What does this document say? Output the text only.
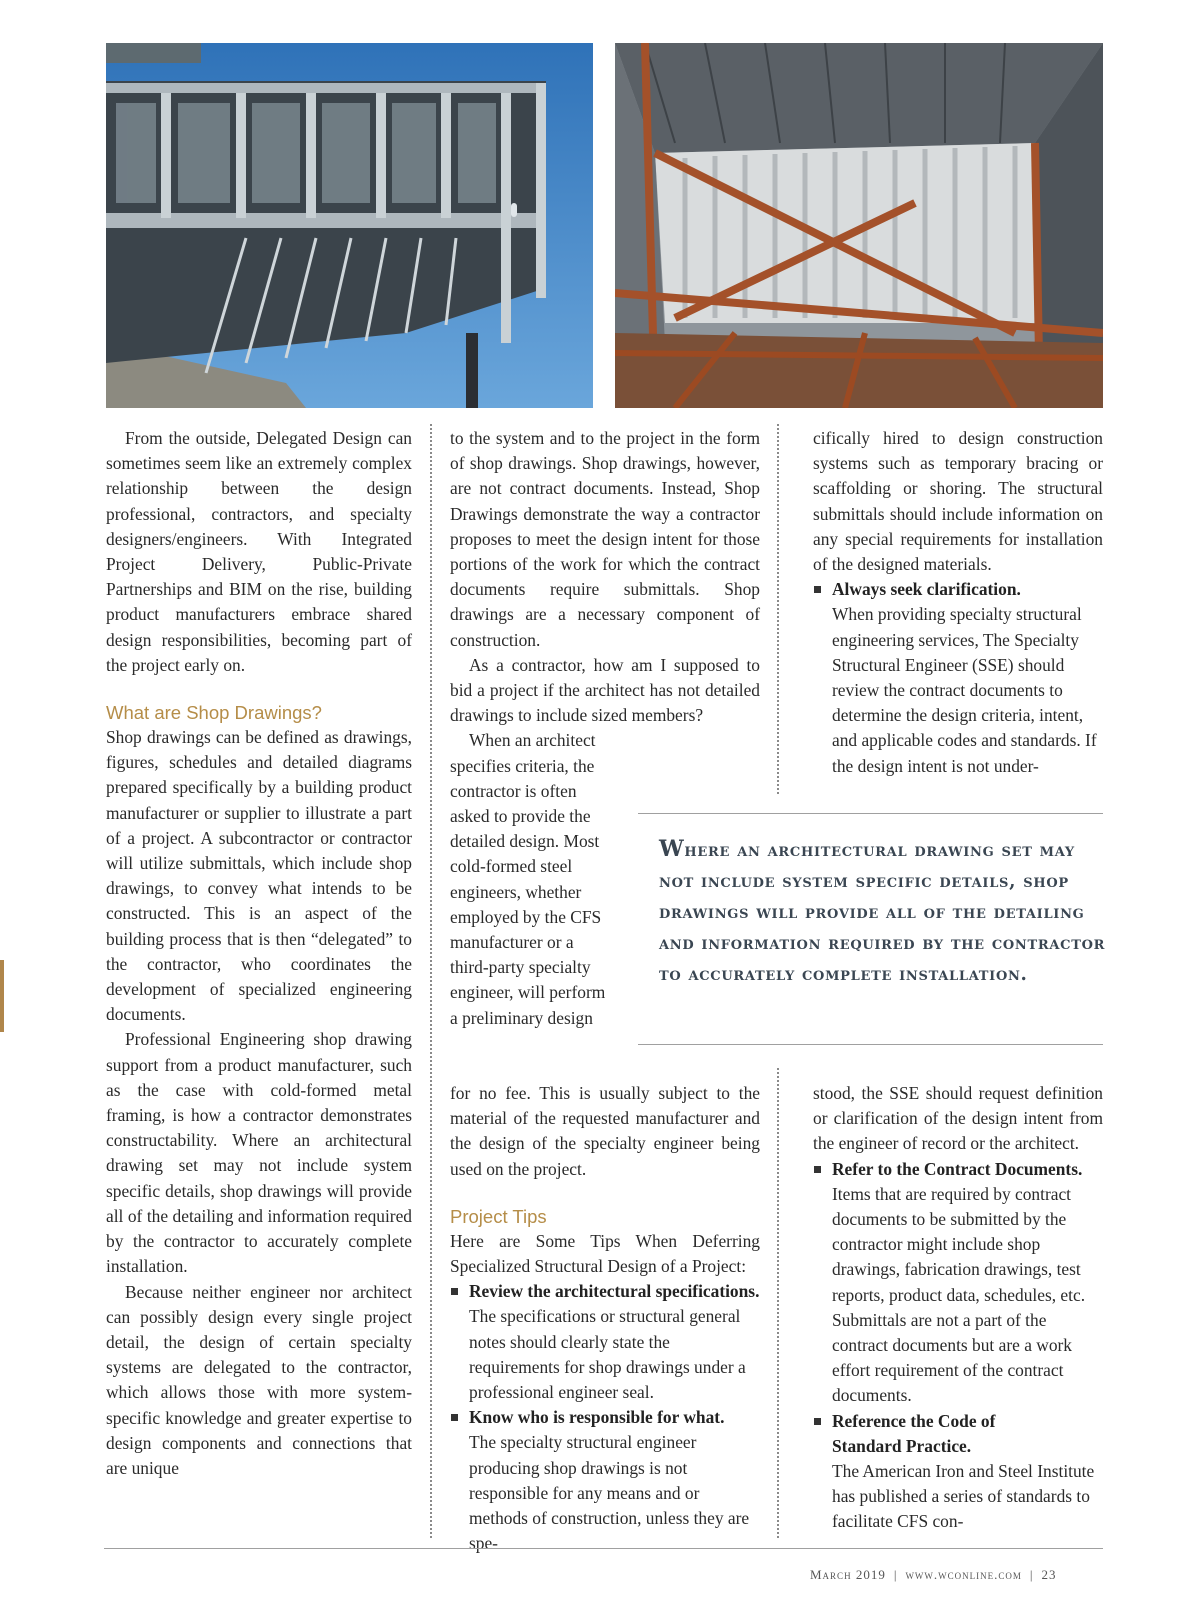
From the outside, Delegated Design can sometimes seem like an extremely complex relationship between the design professional, contractors, and specialty designers/engineers. With Integrated Project Delivery, Public-Private Partnerships and BIM on the rise, building product manufacturers embrace shared design responsibilities, becoming part of the project early on.

What are Shop Drawings?

Shop drawings can be defined as drawings, figures, schedules and detailed diagrams prepared specifically by a building product manufacturer or supplier to illustrate a part of a project. A subcontractor or contractor will utilize submittals, which include shop drawings, to convey what intends to be constructed. This is an aspect of the building process that is then “delegated” to the contractor, who coordinates the development of specialized engineering documents.

Professional Engineering shop drawing support from a product manufacturer, such as the case with cold-formed metal framing, is how a contractor demonstrates constructability. Where an architectural drawing set may not include system specific details, shop drawings will provide all of the detailing and information required by the contractor to accurately complete installation.

Because neither engineer nor architect can possibly design every single project detail, the design of certain specialty systems are delegated to the contractor, which allows those with more system-specific knowledge and greater expertise to design components and connections that are unique

to the system and to the project in the form of shop drawings. Shop drawings, however, are not contract documents. Instead, Shop Drawings demonstrate the way a contractor proposes to meet the design intent for those portions of the work for which the contract documents require submittals. Shop drawings are a necessary component of construction.

As a contractor, how am I supposed to bid a project if the architect has not detailed drawings to include sized members?

When an architect
specifies criteria, the
contractor is often
asked to provide the
detailed design. Most
cold-formed steel
engineers, whether
employed by the CFS
manufacturer or a
third-party specialty
engineer, will perform
a preliminary design

for no fee. This is usually subject to the material of the requested manufacturer and the design of the specialty engineer being used on the project.

Project Tips

Here are Some Tips When Deferring Specialized Structural Design of a Project:

Review the architectural specifications.
The specifications or structural general notes should clearly state the requirements for shop drawings under a professional engineer seal.
Know who is responsible for what.
The specialty structural engineer producing shop drawings is not responsible for any means and or methods of construction, unless they are spe-

cifically hired to design construction systems such as temporary bracing or scaffolding or shoring. The structural submittals should include information on any special requirements for installation of the designed materials.

Always seek clarification.
When providing specialty structural engineering services, The Specialty Structural Engineer (SSE) should review the contract documents to determine the design criteria, intent, and applicable codes and standards. If the design intent is not under-
Where an architectural drawing set may not include system specific details, shop drawings will provide all of the detailing and information required by the contractor to accurately complete installation.

stood, the SSE should request definition or clarification of the design intent from the engineer of record or the architect.

Refer to the Contract Documents.
Items that are required by contract documents to be submitted by the contractor might include shop drawings, fabrication drawings, test reports, product data, schedules, etc. Submittals are not a part of the contract documents but are a work effort requirement of the contract documents.
Reference the Code of
Standard Practice.
The American Iron and Steel Institute has published a series of standards to facilitate CFS con-
March 2019 | www.wconline.com | 23
